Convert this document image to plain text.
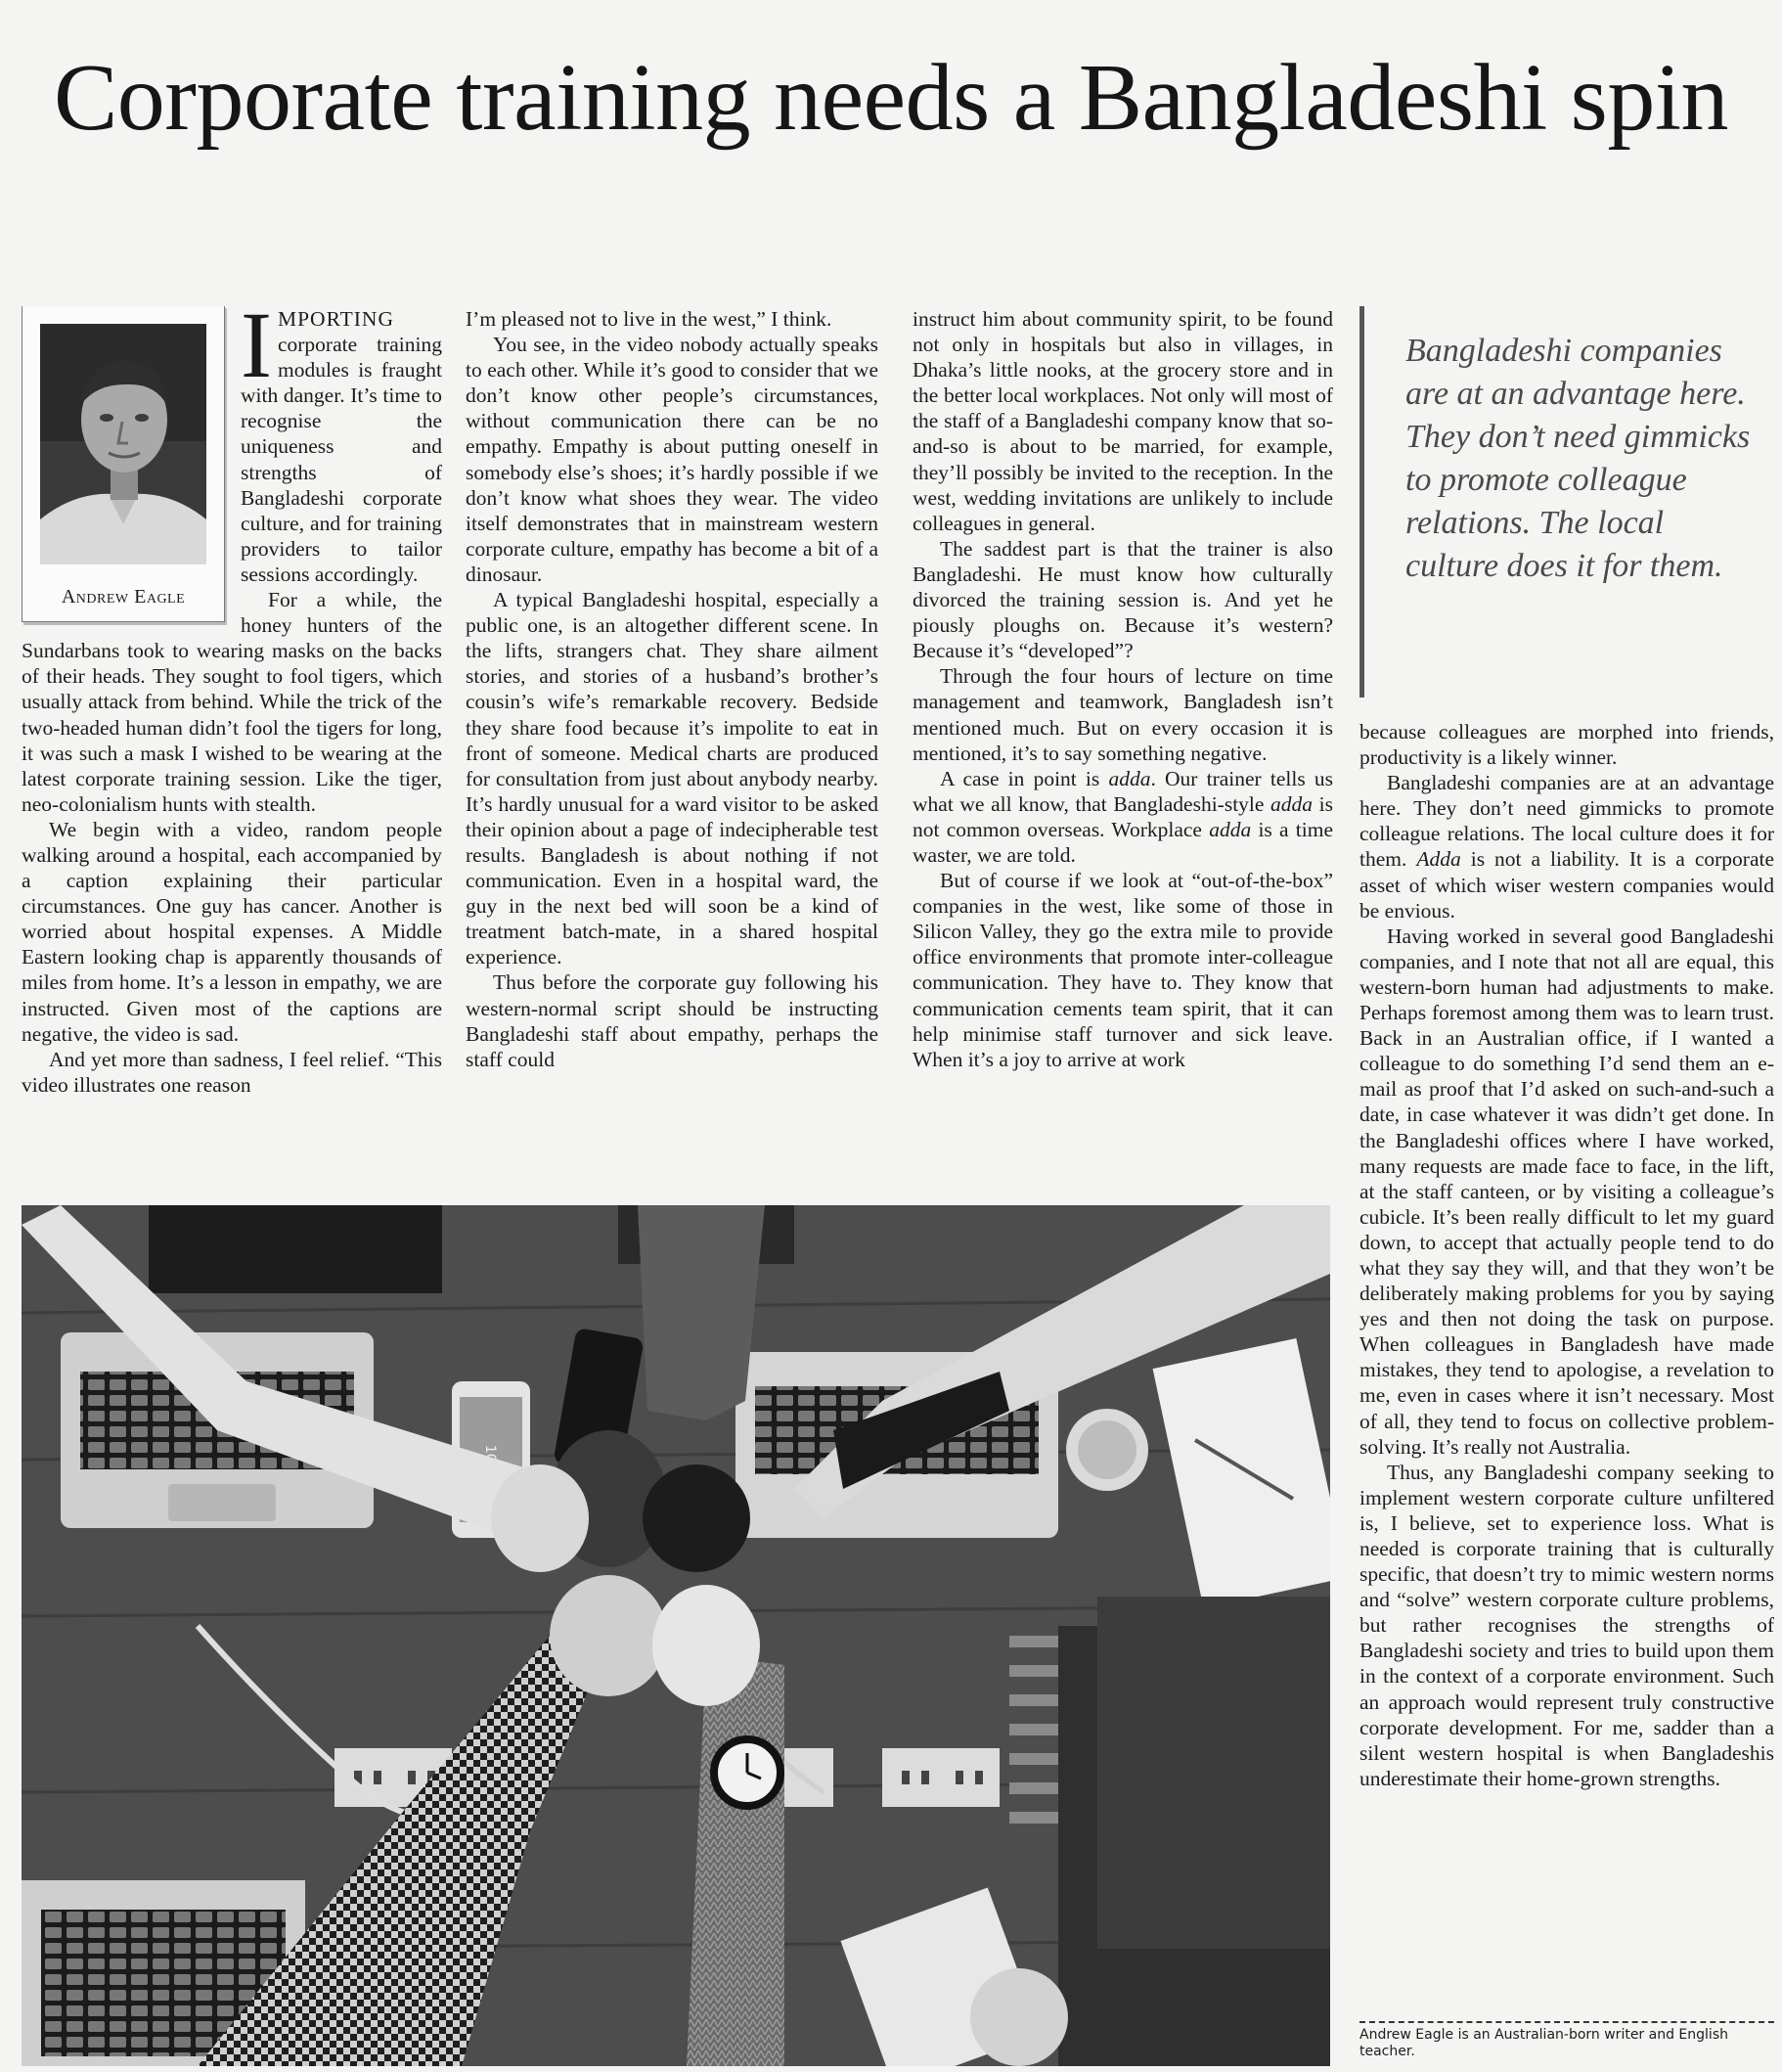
Corporate training needs a Bangladeshi spin
Andrew Eagle

IMPORTING corporate training modules is fraught with danger. It’s time to recognise the uniqueness and strengths of Bangladeshi corporate culture, and for training providers to tailor sessions accordingly.

For a while, the honey hunters of the Sundarbans took to wearing masks on the backs of their heads. They sought to fool tigers, which usually attack from behind. While the trick of the two-headed human didn’t fool the tigers for long, it was such a mask I wished to be wearing at the latest corporate training session. Like the tiger, neo-colonialism hunts with stealth.

We begin with a video, random people walking around a hospital, each accompanied by a caption explaining their particular circumstances. One guy has cancer. Another is worried about hospital expenses. A Middle Eastern looking chap is apparently thousands of miles from home. It’s a lesson in empathy, we are instructed. Given most of the captions are negative, the video is sad.

And yet more than sadness, I feel relief. “This video illustrates one reason

I’m pleased not to live in the west,” I think.

You see, in the video nobody actually speaks to each other. While it’s good to consider that we don’t know other people’s circumstances, without communication there can be no empathy. Empathy is about putting oneself in somebody else’s shoes; it’s hardly possible if we don’t know what shoes they wear. The video itself demonstrates that in mainstream western corporate culture, empathy has become a bit of a dinosaur.

A typical Bangladeshi hospital, especially a public one, is an altogether different scene. In the lifts, strangers chat. They share ailment stories, and stories of a husband’s brother’s cousin’s wife’s remarkable recovery. Bedside they share food because it’s impolite to eat in front of someone. Medical charts are produced for consultation from just about anybody nearby. It’s hardly unusual for a ward visitor to be asked their opinion about a page of indecipherable test results. Bangladesh is about nothing if not communication. Even in a hospital ward, the guy in the next bed will soon be a kind of treatment batch-mate, in a shared hospital experience.

Thus before the corporate guy following his western-normal script should be instructing Bangladeshi staff about empathy, perhaps the staff could

instruct him about community spirit, to be found not only in hospitals but also in villages, in Dhaka’s little nooks, at the grocery store and in the better local workplaces. Not only will most of the staff of a Bangladeshi company know that so-and-so is about to be married, for example, they’ll possibly be invited to the reception. In the west, wedding invitations are unlikely to include colleagues in general.

The saddest part is that the trainer is also Bangladeshi. He must know how culturally divorced the training session is. And yet he piously ploughs on. Because it’s western? Because it’s “developed”?

Through the four hours of lecture on time management and teamwork, Bangladesh isn’t mentioned much. But on every occasion it is mentioned, it’s to say something negative.

A case in point is adda. Our trainer tells us what we all know, that Bangladeshi-style adda is not common overseas. Workplace adda is a time waster, we are told.

But of course if we look at “out-of-the-box” companies in the west, like some of those in Silicon Valley, they go the extra mile to provide office environments that promote inter-colleague communication. They have to. They know that communication cements team spirit, that it can help minimise staff turnover and sick leave. When it’s a joy to arrive at work

Bangladeshi companies are at an advantage here. They don’t need gimmicks to promote colleague relations. The local culture does it for them.

because colleagues are morphed into friends, productivity is a likely winner.

Bangladeshi companies are at an advantage here. They don’t need gimmicks to promote colleague relations. The local culture does it for them. Adda is not a liability. It is a corporate asset of which wiser western companies would be envious.

Having worked in several good Bangladeshi companies, and I note that not all are equal, this western-born human had adjustments to make. Perhaps foremost among them was to learn trust. Back in an Australian office, if I wanted a colleague to do something I’d send them an e-mail as proof that I’d asked on such-and-such a date, in case whatever it was didn’t get done. In the Bangladeshi offices where I have worked, many requests are made face to face, in the lift, at the staff canteen, or by visiting a colleague’s cubicle. It’s been really difficult to let my guard down, to accept that actually people tend to do what they say they will, and that they won’t be deliberately making problems for you by saying yes and then not doing the task on purpose. When colleagues in Bangladesh have made mistakes, they tend to apologise, a revelation to me, even in cases where it isn’t necessary. Most of all, they tend to focus on collective problem-solving. It’s really not Australia.

Thus, any Bangladeshi company seeking to implement western corporate culture unfiltered is, I believe, set to experience loss. What is needed is corporate training that is culturally specific, that doesn’t try to mimic western norms and “solve” western corporate culture problems, but rather recognises the strengths of Bangladeshi society and tries to build upon them in the context of a corporate environment. Such an approach would represent truly constructive corporate development. For me, sadder than a silent western hospital is when Bangladeshis underestimate their home-grown strengths.

Andrew Eagle is an Australian-born writer and English teacher.
